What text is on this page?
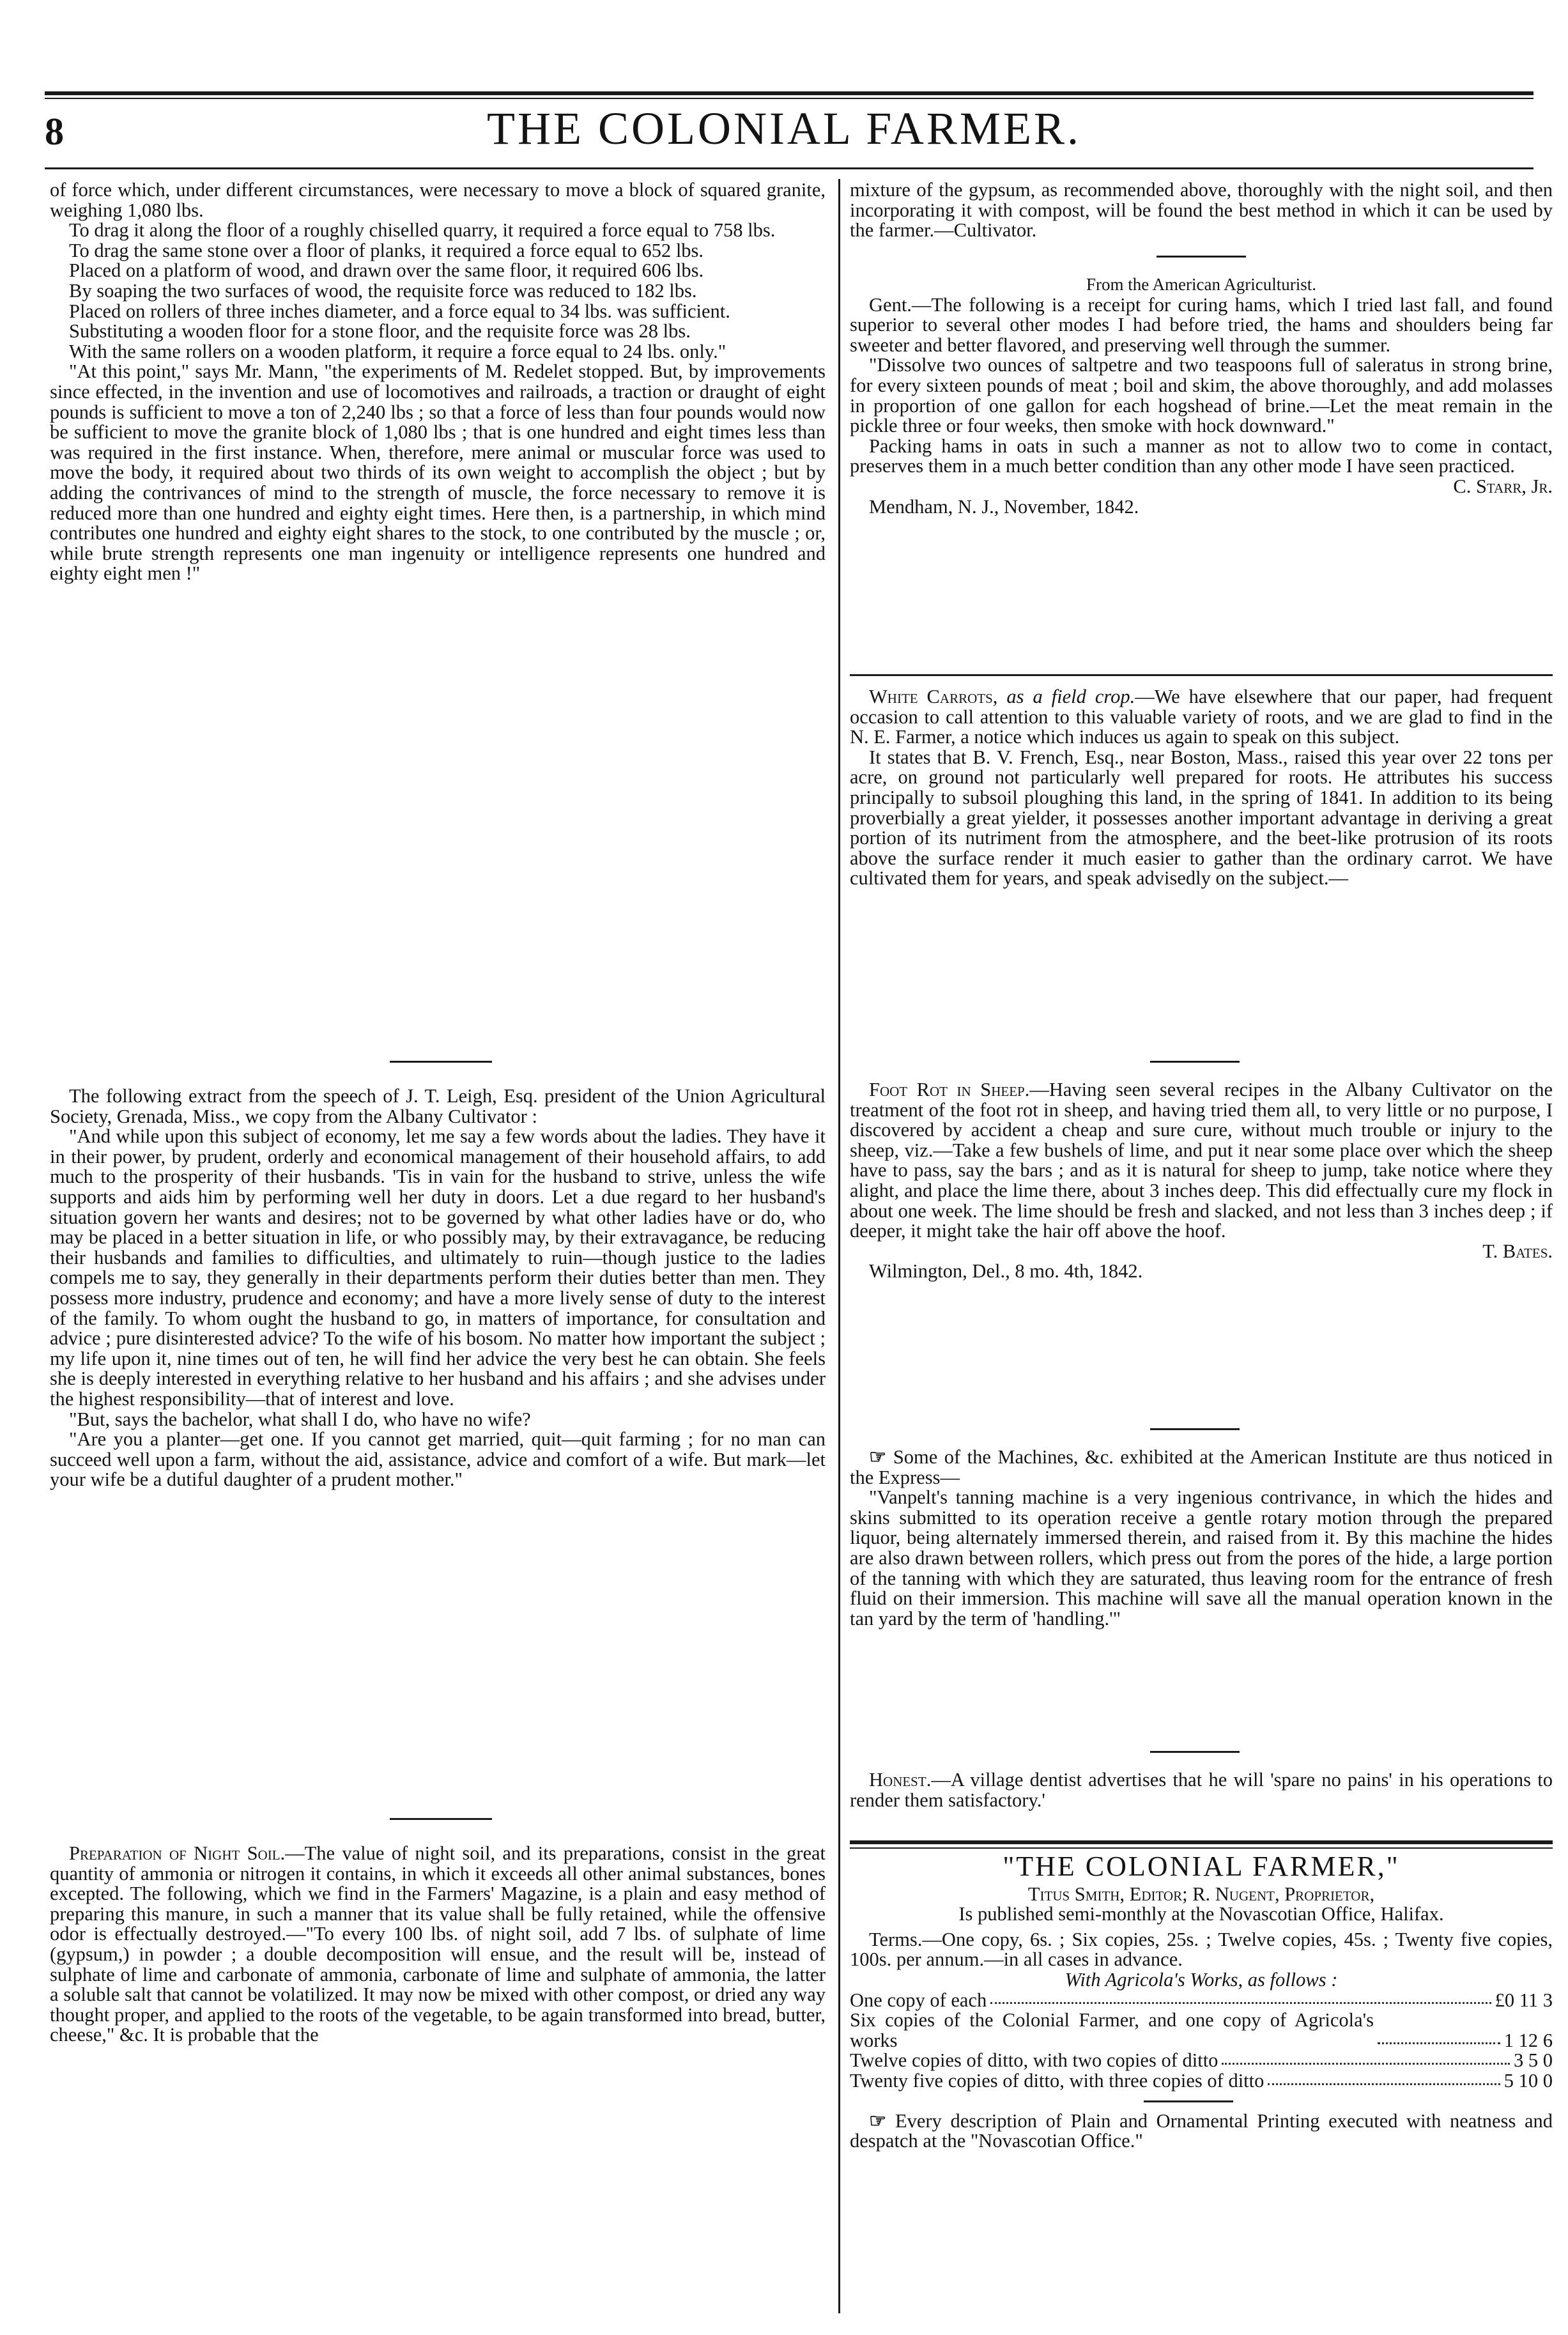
8	THE COLONIAL FARMER.

of force which, under different circumstances, were necessary to move a block of squared granite, weighing 1,080 lbs.

To drag it along the floor of a roughly chiselled quarry, it required a force equal to 758 lbs.

To drag the same stone over a floor of planks, it required a force equal to 652 lbs.

Placed on a platform of wood, and drawn over the same floor, it required 606 lbs.

By soaping the two surfaces of wood, the requisite force was reduced to 182 lbs.

Placed on rollers of three inches diameter, and a force equal to 34 lbs. was sufficient.

Substituting a wooden floor for a stone floor, and the requisite force was 28 lbs.

With the same rollers on a wooden platform, it require a force equal to 24 lbs. only."

"At this point," says Mr. Mann, "the experiments of M. Redelet stopped. But, by improvements since effected, in the invention and use of locomotives and railroads, a traction or draught of eight pounds is sufficient to move a ton of 2,240 lbs ; so that a force of less than four pounds would now be sufficient to move the granite block of 1,080 lbs ; that is one hundred and eight times less than was required in the first instance. When, therefore, mere animal or muscular force was used to move the body, it required about two thirds of its own weight to accomplish the object ; but by adding the contrivances of mind to the strength of muscle, the force necessary to remove it is reduced more than one hundred and eighty eight times. Here then, is a partnership, in which mind contributes one hundred and eighty eight shares to the stock, to one contributed by the muscle ; or, while brute strength represents one man ingenuity or intelligence represents one hundred and eighty eight men !"

The following extract from the speech of J. T. Leigh, Esq. president of the Union Agricultural Society, Grenada, Miss., we copy from the Albany Cultivator :

"And while upon this subject of economy, let me say a few words about the ladies. They have it in their power, by prudent, orderly and economical management of their household affairs, to add much to the prosperity of their husbands. 'Tis in vain for the husband to strive, unless the wife supports and aids him by performing well her duty in doors. Let a due regard to her husband's situation govern her wants and desires; not to be governed by what other ladies have or do, who may be placed in a better situation in life, or who possibly may, by their extravagance, be reducing their husbands and families to difficulties, and ultimately to ruin—though justice to the ladies compels me to say, they generally in their departments perform their duties better than men. They possess more industry, prudence and economy; and have a more lively sense of duty to the interest of the family. To whom ought the husband to go, in matters of importance, for consultation and advice ; pure disinterested advice? To the wife of his bosom. No matter how important the subject ; my life upon it, nine times out of ten, he will find her advice the very best he can obtain. She feels she is deeply interested in everything relative to her husband and his affairs ; and she advises under the highest responsibility—that of interest and love.

"But, says the bachelor, what shall I do, who have no wife?

"Are you a planter—get one. If you cannot get married, quit—quit farming ; for no man can succeed well upon a farm, without the aid, assistance, advice and comfort of a wife. But mark—let your wife be a dutiful daughter of a prudent mother."

Preparation of Night Soil.—The value of night soil, and its preparations, consist in the great quantity of ammonia or nitrogen it contains, in which it exceeds all other animal substances, bones excepted. The following, which we find in the Farmers' Magazine, is a plain and easy method of preparing this manure, in such a manner that its value shall be fully retained, while the offensive odor is effectually destroyed.—"To every 100 lbs. of night soil, add 7 lbs. of sulphate of lime (gypsum,) in powder ; a double decomposition will ensue, and the result will be, instead of sulphate of lime and carbonate of ammonia, carbonate of lime and sulphate of ammonia, the latter a soluble salt that cannot be volatilized. It may now be mixed with other compost, or dried any way thought proper, and applied to the roots of the vegetable, to be again transformed into bread, butter, cheese," &c. It is probable that the

mixture of the gypsum, as recommended above, thoroughly with the night soil, and then incorporating it with compost, will be found the best method in which it can be used by the farmer.—Cultivator.

From the American Agriculturist.

Gent.—The following is a receipt for curing hams, which I tried last fall, and found superior to several other modes I had before tried, the hams and shoulders being far sweeter and better flavored, and preserving well through the summer.

"Dissolve two ounces of saltpetre and two teaspoons full of saleratus in strong brine, for every sixteen pounds of meat ; boil and skim, the above thoroughly, and add molasses in proportion of one gallon for each hogshead of brine.—Let the meat remain in the pickle three or four weeks, then smoke with hock downward."

Packing hams in oats in such a manner as not to allow two to come in contact, preserves them in a much better condition than any other mode I have seen practiced.

C. Starr, Jr.

Mendham, N. J., November, 1842.

White Carrots, as a field crop.—We have elsewhere that our paper, had frequent occasion to call attention to this valuable variety of roots, and we are glad to find in the N. E. Farmer, a notice which induces us again to speak on this subject.

It states that B. V. French, Esq., near Boston, Mass., raised this year over 22 tons per acre, on ground not particularly well prepared for roots. He attributes his success principally to subsoil ploughing this land, in the spring of 1841. In addition to its being proverbially a great yielder, it possesses another important advantage in deriving a great portion of its nutriment from the atmosphere, and the beet-like protrusion of its roots above the surface render it much easier to gather than the ordinary carrot. We have cultivated them for years, and speak advisedly on the subject.—

Foot Rot in Sheep.—Having seen several recipes in the Albany Cultivator on the treatment of the foot rot in sheep, and having tried them all, to very little or no purpose, I discovered by accident a cheap and sure cure, without much trouble or injury to the sheep, viz.—Take a few bushels of lime, and put it near some place over which the sheep have to pass, say the bars ; and as it is natural for sheep to jump, take notice where they alight, and place the lime there, about 3 inches deep. This did effectually cure my flock in about one week. The lime should be fresh and slacked, and not less than 3 inches deep ; if deeper, it might take the hair off above the hoof.

T. Bates.

Wilmington, Del., 8 mo. 4th, 1842.

☞ Some of the Machines, &c. exhibited at the American Institute are thus noticed in the Express—

"Vanpelt's tanning machine is a very ingenious contrivance, in which the hides and skins submitted to its operation receive a gentle rotary motion through the prepared liquor, being alternately immersed therein, and raised from it. By this machine the hides are also drawn between rollers, which press out from the pores of the hide, a large portion of the tanning with which they are saturated, thus leaving room for the entrance of fresh fluid on their immersion. This machine will save all the manual operation known in the tan yard by the term of 'handling.'"

Honest.—A village dentist advertises that he will 'spare no pains' in his operations to render them satisfactory.'

"THE COLONIAL FARMER,"

Titus Smith, Editor; R. Nugent, Proprietor,

Is published semi-monthly at the Novascotian Office, Halifax.

Terms.—One copy, 6s. ; Six copies, 25s. ; Twelve copies, 45s. ; Twenty five copies, 100s. per annum.—in all cases in advance.

With Agricola's Works, as follows :

One copy of each	£0 11 3
Six copies of the Colonial Farmer, and one copy of Agricola's works	1 12 6
Twelve copies of ditto, with two copies of ditto	3 5 0
Twenty five copies of ditto, with three copies of ditto	5 10 0

☞ Every description of Plain and Ornamental Printing executed with neatness and despatch at the "Novascotian Office."
